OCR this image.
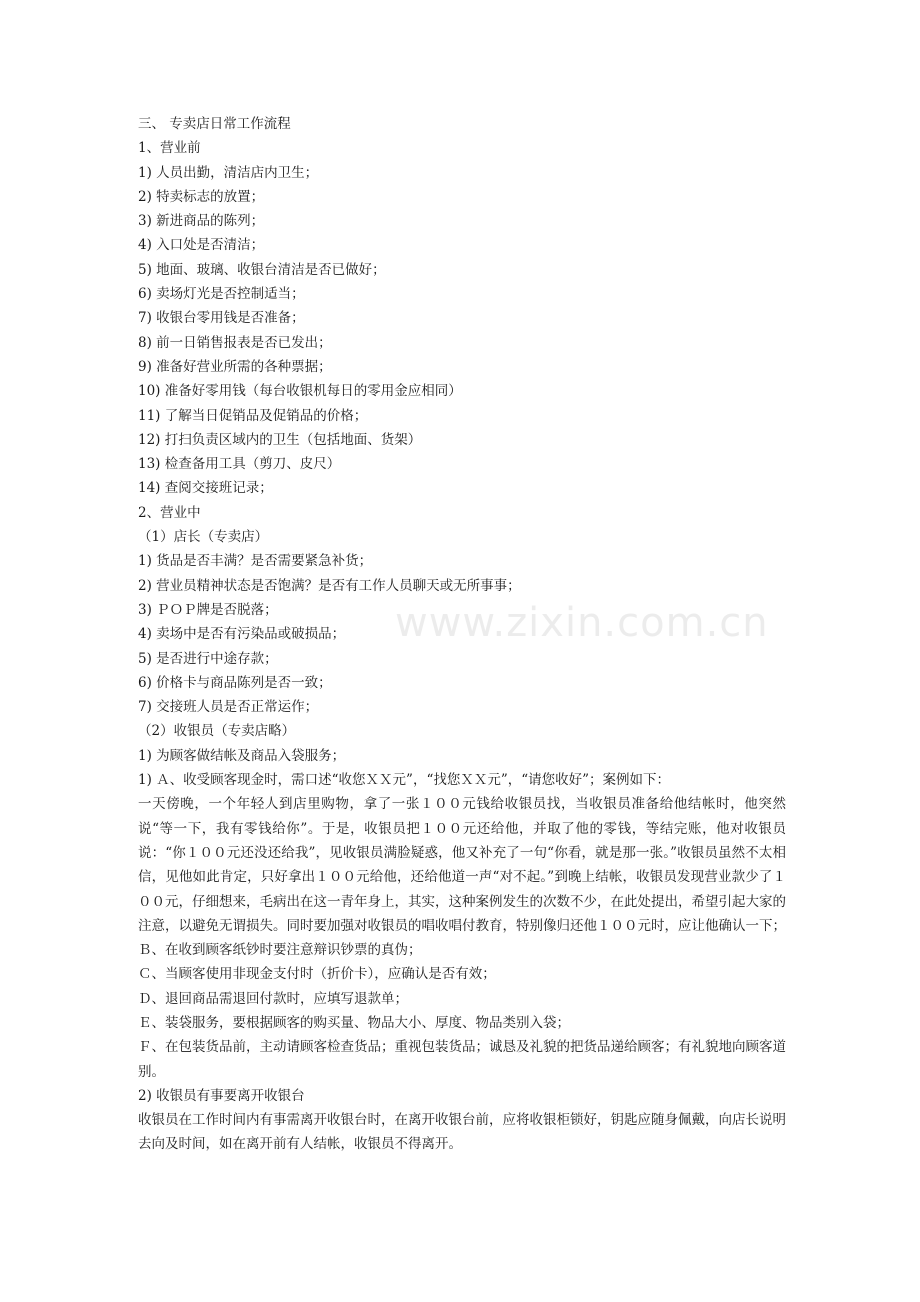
www.zixin.com.cn
三、 专卖店日常工作流程
1、营业前
1) 人员出勤，清洁店内卫生；
2) 特卖标志的放置；
3) 新进商品的陈列；
4) 入口处是否清洁；
5) 地面、玻璃、收银台清洁是否已做好；
6) 卖场灯光是否控制适当；
7) 收银台零用钱是否准备；
8) 前一日销售报表是否已发出；
9) 准备好营业所需的各种票据；
10) 准备好零用钱（每台收银机每日的零用金应相同）
11) 了解当日促销品及促销品的价格；
12) 打扫负责区域内的卫生（包括地面、货架）
13) 检查备用工具（剪刀、皮尺）
14) 查阅交接班记录；
2、营业中
（1）店长（专卖店）
1) 货品是否丰满？是否需要紧急补货；
2) 营业员精神状态是否饱满？是否有工作人员聊天或无所事事；
3) ＰＯＰ牌是否脱落；
4) 卖场中是否有污染品或破损品；
5) 是否进行中途存款；
6) 价格卡与商品陈列是否一致；
7) 交接班人员是否正常运作；
（2）收银员（专卖店略）
1) 为顾客做结帐及商品入袋服务；
1) Ａ、收受顾客现金时，需口述“收您ＸＸ元”，“找您ＸＸ元”，“请您收好”；案例如下：
一天傍晚，一个年轻人到店里购物，拿了一张１００元钱给收银员找，当收银员准备给他结帐时，他突然说“等一下，我有零钱给你”。于是，收银员把１００元还给他，并取了他的零钱，等结完账，他对收银员说：“你１００元还没还给我”，见收银员满脸疑惑，他又补充了一句“你看，就是那一张。”收银员虽然不太相信，见他如此肯定，只好拿出１００元给他，还给他道一声“对不起。”到晚上结帐，收银员发现营业款少了１００元，仔细想来，毛病出在这一青年身上，其实，这种案例发生的次数不少，在此处提出，希望引起大家的注意，以避免无谓损失。同时要加强对收银员的唱收唱付教育，特别像归还他１００元时，应让他确认一下；
Ｂ、在收到顾客纸钞时要注意辩识钞票的真伪；
Ｃ、当顾客使用非现金支付时（折价卡），应确认是否有效；
Ｄ、退回商品需退回付款时，应填写退款单；
Ｅ、装袋服务，要根据顾客的购买量、物品大小、厚度、物品类别入袋；
Ｆ、在包装货品前，主动请顾客检查货品；重视包装货品；诚恳及礼貌的把货品递给顾客；有礼貌地向顾客道别。
2) 收银员有事要离开收银台
收银员在工作时间内有事需离开收银台时，在离开收银台前，应将收银柜锁好，钥匙应随身佩戴，向店长说明去向及时间，如在离开前有人结帐，收银员不得离开。
